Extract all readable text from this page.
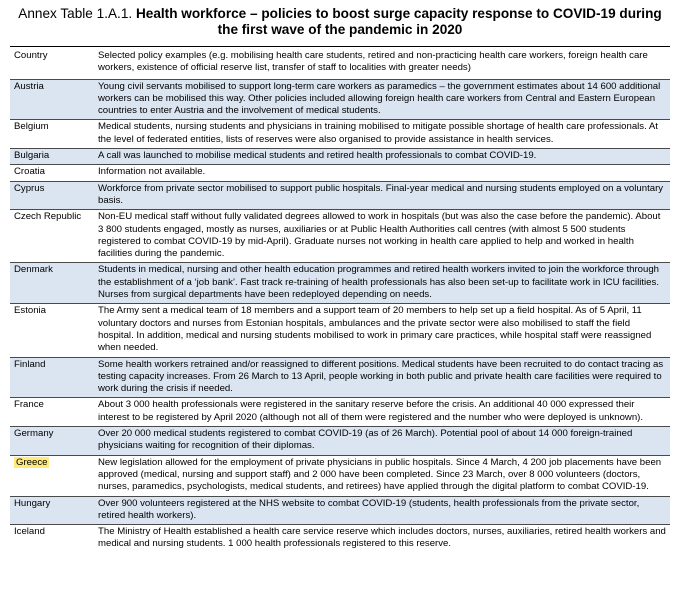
Annex Table 1.A.1. Health workforce – policies to boost surge capacity response to COVID-19 during the first wave of the pandemic in 2020
Country	Selected policy examples (e.g. mobilising health care students, retired and non-practicing health care workers, foreign health care workers, existence of official reserve list, transfer of staff to localities with greater needs)
Austria	Young civil servants mobilised to support long-term care workers as paramedics – the government estimates about 14 600 additional workers can be mobilised this way. Other policies included allowing foreign health care workers from Central and Eastern European countries to enter Austria and the involvement of medical students.
Belgium	Medical students, nursing students and physicians in training mobilised to mitigate possible shortage of health care professionals. At the level of federated entities, lists of reserves were also organised to provide assistance in health services.
Bulgaria	A call was launched to mobilise medical students and retired health professionals to combat COVID-19.
Croatia	Information not available.
Cyprus	Workforce from private sector mobilised to support public hospitals. Final-year medical and nursing students employed on a voluntary basis.
Czech Republic	Non-EU medical staff without fully validated degrees allowed to work in hospitals (but was also the case before the pandemic). About 3 800 students engaged, mostly as nurses, auxiliaries or at Public Health Authorities call centres (with almost 5 500 students registered to combat COVID-19 by mid-April). Graduate nurses not working in health care applied to help and worked in health facilities during the pandemic.
Denmark	Students in medical, nursing and other health education programmes and retired health workers invited to join the workforce through the establishment of a ‘job bank’. Fast track re-training of health professionals has also been set-up to facilitate work in ICU facilities. Nurses from surgical departments have been redeployed depending on needs.
Estonia	The Army sent a medical team of 18 members and a support team of 20 members to help set up a field hospital. As of 5 April, 11 voluntary doctors and nurses from Estonian hospitals, ambulances and the private sector were also mobilised to staff the field hospital. In addition, medical and nursing students mobilised to work in primary care practices, while hospital staff were reassigned when needed.
Finland	Some health workers retrained and/or reassigned to different positions. Medical students have been recruited to do contact tracing as testing capacity increases. From 26 March to 13 April, people working in both public and private health care facilities were required to work during the crisis if needed.
France	About 3 000 health professionals were registered in the sanitary reserve before the crisis. An additional 40 000 expressed their interest to be registered by April 2020 (although not all of them were registered and the number who were deployed is unknown).
Germany	Over 20 000 medical students registered to combat COVID-19 (as of 26 March). Potential pool of about 14 000 foreign-trained physicians waiting for recognition of their diplomas.
Greece	New legislation allowed for the employment of private physicians in public hospitals. Since 4 March, 4 200 job placements have been approved (medical, nursing and support staff) and 2 000 have been completed. Since 23 March, over 8 000 volunteers (doctors, nurses, paramedics, psychologists, medical students, and retirees) have applied through the digital platform to combat COVID-19.
Hungary	Over 900 volunteers registered at the NHS website to combat COVID-19 (students, health professionals from the private sector, retired health workers).
Iceland	The Ministry of Health established a health care service reserve which includes doctors, nurses, auxiliaries, retired health workers and medical and nursing students. 1 000 health professionals registered to this reserve.
